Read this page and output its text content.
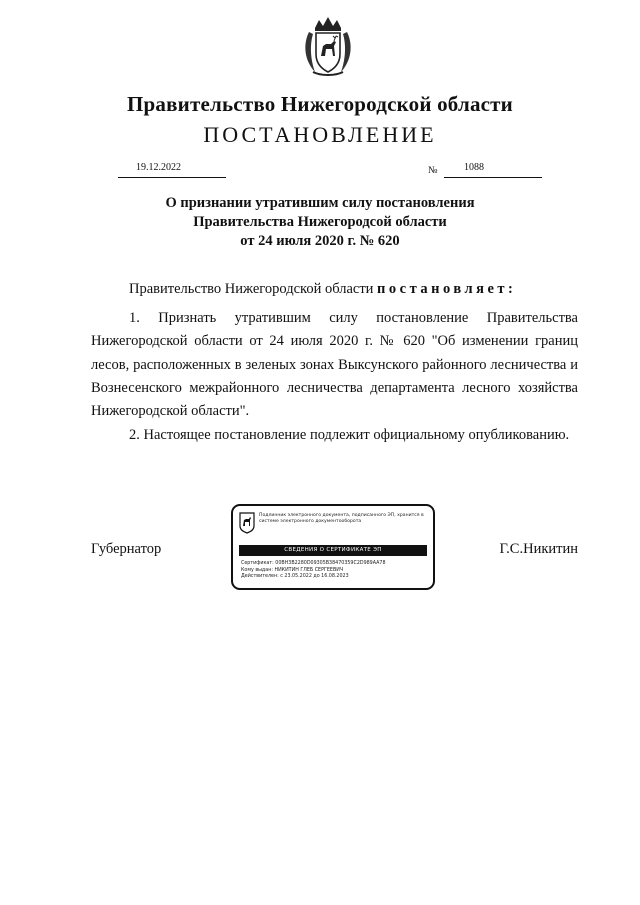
Правительство Нижегородской области
ПОСТАНОВЛЕНИЕ
19.12.2022	№	1088
О признании утратившим силу постановления
Правительства Нижегородсой области
от 24 июля 2020 г. № 620
Правительство Нижегородской области постановляет:

1. Признать утратившим силу постановление Правительства Нижегородской области от 24 июля 2020 г. № 620 "Об изменении границ лесов, расположенных в зеленых зонах Выксунского районного лесничества и Вознесенского межрайонного лесничества департамента лесного хозяйства Нижегородской области".

2. Настоящее постановление подлежит официальному опубликованию.

Губернатор	Г.С.Никитин
Подлинник электронного документа, подписанного ЭП, хранится в системе электронного документооборота
СВЕДЕНИЯ О СЕРТИФИКАТЕ ЭП
Сертификат: 00BH3B2280D09305B38470359C2D989AA78
Кому выдан: НИКИТИН ГЛЕБ СЕРГЕЕВИЧ
Действителен: с 23.05.2022 до 16.08.2023
